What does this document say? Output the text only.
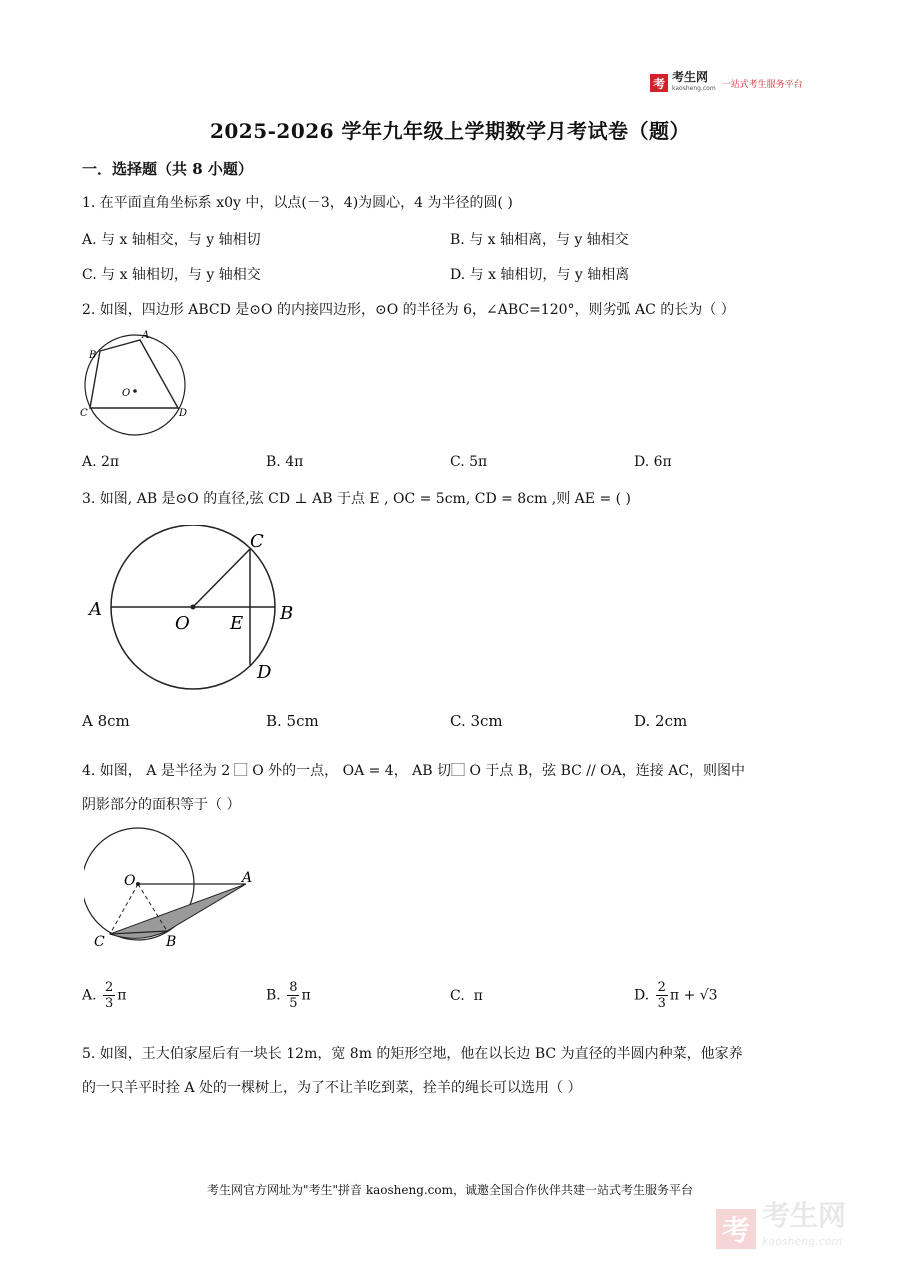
考 考生网
kaosheng.com 一站式考生服务平台
2025-2026 学年九年级上学期数学月考试卷（题）
一．选择题（共 8 小题）
1. 在平面直角坐标系 x0y 中，以点(－3，4)为圆心，4 为半径的圆( )
A. 与 x 轴相交，与 y 轴相切	B. 与 x 轴相离，与 y 轴相交
C. 与 x 轴相切，与 y 轴相交	D. 与 x 轴相切，与 y 轴相离
2. 如图，四边形 ABCD 是⊙O 的内接四边形，⊙O 的半径为 6，∠ABC=120°，则劣弧 AC 的长为（ ）
A
B
C	D
O
A. 2π	B. 4π	C. 5π	D. 6π
3. 如图, AB 是⊙O 的直径,弦 CD ⊥ AB 于点 E , OC = 5cm, CD = 8cm ,则 AE = ( )
A	B
C
D
O E
A 8cm	B. 5cm	C. 3cm	D. 2cm
4. 如图， A 是半径为 2 ⃞ O 外的一点， OA = 4， AB 切⃞ O 于点 B，弦 BC // OA，连接 AC，则图中
阴影部分的面积等于（ ）
O	A
C	B
A. $\frac{2}{3}$ π	B. $\frac{8}{5}$ π	C. π	D. $\frac{2}{3}$ π + √3
5. 如图，王大伯家屋后有一块长 12m，宽 8m 的矩形空地，他在以长边 BC 为直径的半圆内种菜，他家养
的一只羊平时拴 A 处的一棵树上，为了不让羊吃到菜，拴羊的绳长可以选用（ ）
考生网官方网址为"考生"拼音 kaosheng.com，诚邀全国合作伙伴共建一站式考生服务平台
考 考生网
kaosheng.com
